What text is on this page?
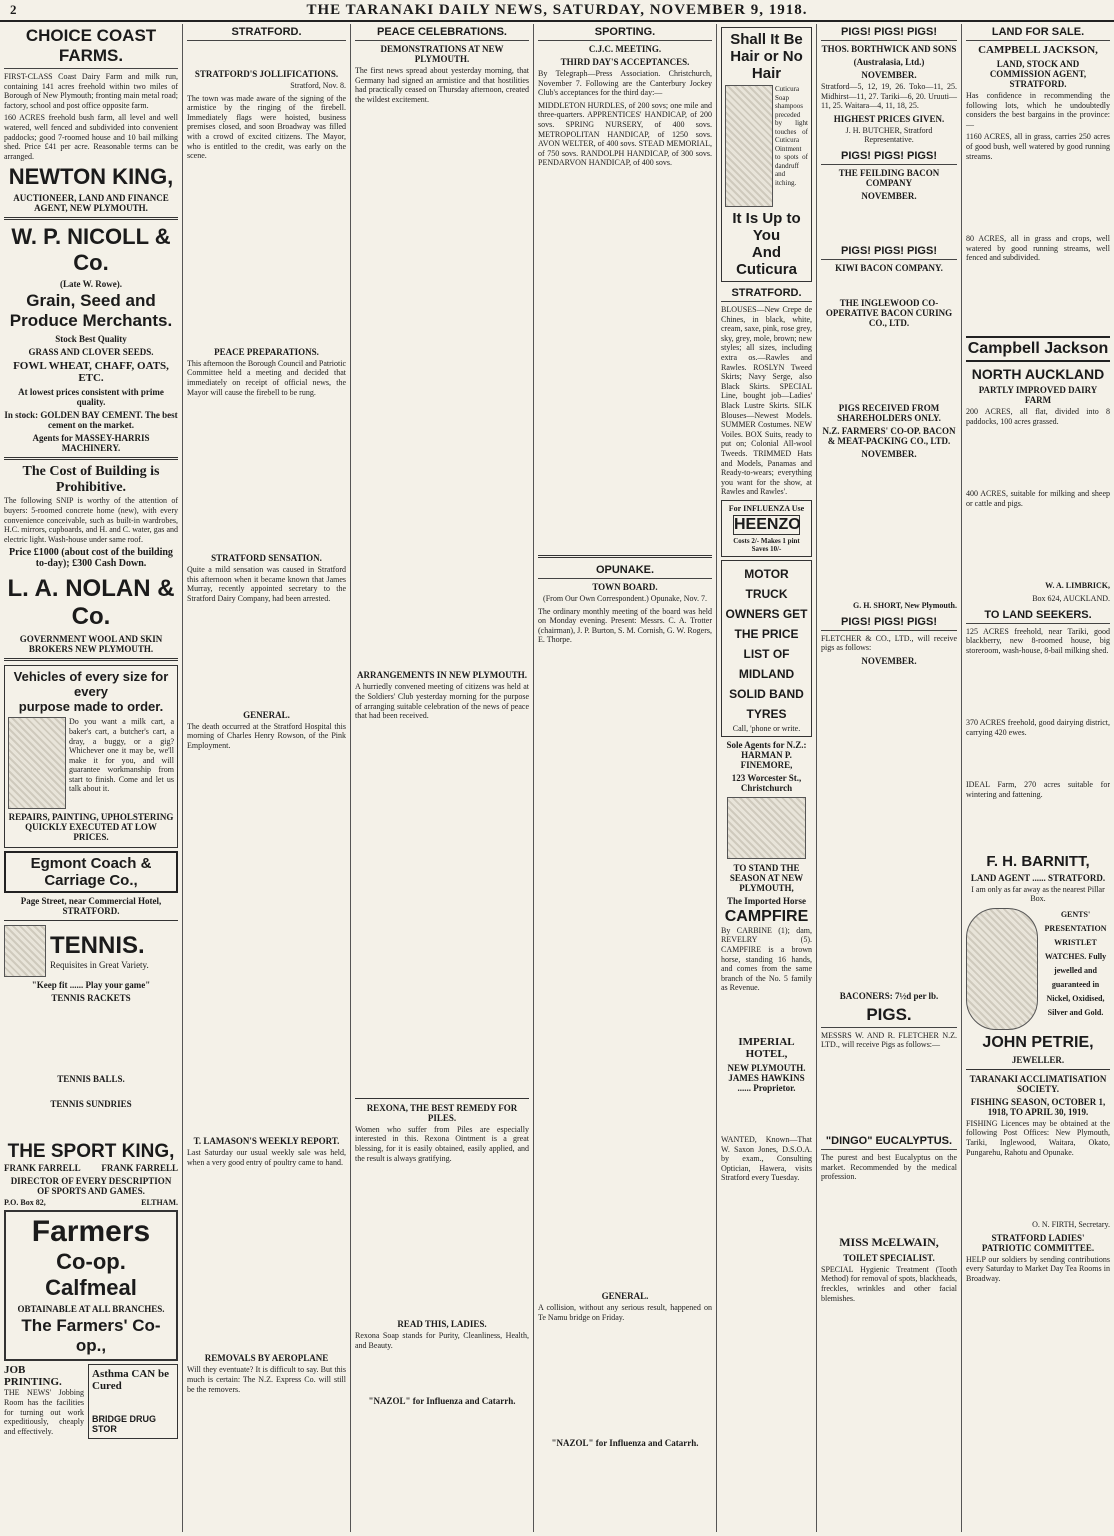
2	THE TARANAKI DAILY NEWS, SATURDAY, NOVEMBER 9, 1918.
CHOICE COAST FARMS.

FIRST-CLASS Coast Dairy Farm and milk run, containing 141 acres freehold within two miles of Borough of New Plymouth; fronting main metal road; factory, school and post office opposite farm.

160 ACRES freehold bush farm, all level and well watered, well fenced and subdivided into convenient paddocks; good 7-roomed house and 10 bail milking shed. Price £41 per acre. Reasonable terms can be arranged.

NEWTON KING,
AUCTIONEER, LAND AND FINANCE AGENT, NEW PLYMOUTH.
W. P. NICOLL & Co.
(Late W. Rowe).
Grain, Seed and Produce Merchants.
Stock Best Quality
GRASS AND CLOVER SEEDS.
FOWL WHEAT, CHAFF, OATS, ETC.
At lowest prices consistent with prime quality.
In stock: GOLDEN BAY CEMENT. The best cement on the market.
Agents for MASSEY-HARRIS MACHINERY.
The Cost of Building is Prohibitive.

The following SNIP is worthy of the attention of buyers: 5-roomed concrete home (new), with every convenience conceivable, such as built-in wardrobes, H.C. mirrors, cupboards, and H. and C. water, gas and electric light. Wash-house under same roof.

Price £1000 (about cost of the building to-day); £300 Cash Down.
L. A. NOLAN & Co.
GOVERNMENT WOOL AND SKIN BROKERS NEW PLYMOUTH.
Vehicles of every size for every
purpose made to order.

Do you want a milk cart, a baker's cart, a butcher's cart, a dray, a buggy, or a gig? Whichever one it may be, we'll make it for you, and will guarantee workmanship from start to finish. Come and let us talk about it.

REPAIRS, PAINTING, UPHOLSTERING QUICKLY EXECUTED AT LOW PRICES.
Egmont Coach & Carriage Co.,
Page Street, near Commercial Hotel, STRATFORD.
TENNIS.
Requisites in Great Variety.
"Keep fit ...... Play your game"
TENNIS RACKETS
TENNIS BALLS.
TENNIS SUNDRIES
THE SPORT KING,
FRANK FARRELL FRANK FARRELL
DIRECTOR OF EVERY DESCRIPTION OF SPORTS AND GAMES.
P.O. Box 82,	ELTHAM.
Farmers
Co-op. Calfmeal
OBTAINABLE AT ALL BRANCHES.
The Farmers' Co-op.,
JOB PRINTING.

THE NEWS' Jobbing Room has the facilities for turning out work expeditiously, cheaply and effectively.

Asthma CAN be Cured
BRIDGE DRUG STOR
STRATFORD.
STRATFORD'S JOLLIFICATIONS.
Stratford, Nov. 8.

The town was made aware of the signing of the armistice by the ringing of the firebell. Immediately flags were hoisted, business premises closed, and soon Broadway was filled with a crowd of excited citizens. The Mayor, who is entitled to the credit, was early on the scene.

PEACE PREPARATIONS.

This afternoon the Borough Council and Patriotic Committee held a meeting and decided that immediately on receipt of official news, the Mayor will cause the firebell to be rung.

STRATFORD SENSATION.

Quite a mild sensation was caused in Stratford this afternoon when it became known that James Murray, recently appointed secretary to the Stratford Dairy Company, had been arrested.

GENERAL.

The death occurred at the Stratford Hospital this morning of Charles Henry Rowson, of the Pink Employment.

T. LAMASON'S WEEKLY REPORT.

Last Saturday our usual weekly sale was held, when a very good entry of poultry came to hand.

REMOVALS BY AEROPLANE

Will they eventuate? It is difficult to say. But this much is certain: The N.Z. Express Co. will still be the removers.

PEACE CELEBRATIONS.
DEMONSTRATIONS AT NEW PLYMOUTH.

The first news spread about yesterday morning, that Germany had signed an armistice and that hostilities had practically ceased on Thursday afternoon, created the wildest excitement.

ARRANGEMENTS IN NEW PLYMOUTH.

A hurriedly convened meeting of citizens was held at the Soldiers' Club yesterday morning for the purpose of arranging suitable celebration of the news of peace that had been received.

REXONA, THE BEST REMEDY FOR PILES.

Women who suffer from Piles are especially interested in this. Rexona Ointment is a great blessing, for it is easily obtained, easily applied, and the result is always gratifying.

READ THIS, LADIES.

Rexona Soap stands for Purity, Cleanliness, Health, and Beauty.

"NAZOL" for Influenza and Catarrh.
SPORTING.
C.J.C. MEETING.
THIRD DAY'S ACCEPTANCES.

By Telegraph—Press Association. Christchurch, November 7. Following are the Canterbury Jockey Club's acceptances for the third day:—

MIDDLETON HURDLES, of 200 sovs; one mile and three-quarters. APPRENTICES' HANDICAP, of 200 sovs. SPRING NURSERY, of 400 sovs. METROPOLITAN HANDICAP, of 1250 sovs. AVON WELTER, of 400 sovs. STEAD MEMORIAL, of 750 sovs. RANDOLPH HANDICAP, of 300 sovs. PENDARVON HANDICAP, of 400 sovs.

OPUNAKE.
TOWN BOARD.
(From Our Own Correspondent.) Opunake, Nov. 7.

The ordinary monthly meeting of the board was held on Monday evening. Present: Messrs. C. A. Trotter (chairman), J. P. Burton, S. M. Cornish, G. W. Rogers, E. Thorpe.

GENERAL.

A collision, without any serious result, happened on Te Namu bridge on Friday.

"NAZOL" for Influenza and Catarrh.
Shall It Be
Hair or No Hair

Cuticura Soap shampoos preceded by light touches of Cuticura Ointment to spots of dandruff and itching.

It Is Up to You
And Cuticura
STRATFORD.

BLOUSES—New Crepe de Chines, in black, white, cream, saxe, pink, rose grey, sky, grey, mole, brown; new styles; all sizes, including extra os.—Rawles and Rawles. ROSLYN Tweed Skirts; Navy Serge, also Black Skirts. SPECIAL Line, bought job—Ladies' Black Lustre Skirts. SILK Blouses—Newest Models. SUMMER Costumes. NEW Voiles. BOX Suits, ready to put on; Colonial All-wool Tweeds. TRIMMED Hats and Models, Panamas and Ready-to-wears; everything you want for the show, at Rawles and Rawles'.

For INFLUENZA Use
HEENZO
Costs 2/- Makes 1 pint Saves 10/-
MOTOR TRUCK OWNERS GET THE PRICE LIST OF MIDLAND SOLID BAND TYRES
Call, 'phone or write.
Sole Agents for N.Z.: HARMAN P. FINEMORE,
123 Worcester St., Christchurch
TO STAND THE SEASON AT NEW PLYMOUTH,
The Imported Horse
CAMPFIRE

By CARBINE (1); dam, REVELRY (5). CAMPFIRE is a brown horse, standing 16 hands, and comes from the same branch of the No. 5 family as Revenue.

IMPERIAL HOTEL,
NEW PLYMOUTH. JAMES HAWKINS ...... Proprietor.

WANTED, Known—That W. Saxon Jones, D.S.O.A. by exam., Consulting Optician, Hawera, visits Stratford every Tuesday.

PIGS! PIGS! PIGS!
THOS. BORTHWICK AND SONS
(Australasia, Ltd.)
NOVEMBER.

Stratford—5, 12, 19, 26. Toko—11, 25. Midhirst—11, 27. Tariki—6, 20. Uruuti—11, 25. Waitara—4, 11, 18, 25.

HIGHEST PRICES GIVEN.
J. H. BUTCHER, Stratford Representative.
PIGS! PIGS! PIGS!
THE FEILDING BACON COMPANY
NOVEMBER.
PIGS! PIGS! PIGS!
KIWI BACON COMPANY.
THE INGLEWOOD CO-OPERATIVE BACON CURING CO., LTD.
PIGS RECEIVED FROM SHAREHOLDERS ONLY.
N.Z. FARMERS' CO-OP. BACON & MEAT-PACKING CO., LTD.
NOVEMBER.
G. H. SHORT, New Plymouth.
PIGS! PIGS! PIGS!

FLETCHER & CO., LTD., will receive pigs as follows:

NOVEMBER.
BACONERS: 7½d per lb.
PIGS.

MESSRS W. AND R. FLETCHER N.Z. LTD., will receive Pigs as follows:—

"DINGO" EUCALYPTUS.

The purest and best Eucalyptus on the market. Recommended by the medical profession.

MISS McELWAIN,
TOILET SPECIALIST.

SPECIAL Hygienic Treatment (Tooth Method) for removal of spots, blackheads, freckles, wrinkles and other facial blemishes.

LAND FOR SALE.
CAMPBELL JACKSON,
LAND, STOCK AND COMMISSION AGENT, STRATFORD.

Has confidence in recommending the following lots, which he undoubtedly considers the best bargains in the province:—

1160 ACRES, all in grass, carries 250 acres of good bush, well watered by good running streams.

80 ACRES, all in grass and crops, well watered by good running streams, well fenced and subdivided.

Campbell Jackson
NORTH AUCKLAND
PARTLY IMPROVED DAIRY FARM

200 ACRES, all flat, divided into 8 paddocks, 100 acres grassed.

400 ACRES, suitable for milking and sheep or cattle and pigs.

W. A. LIMBRICK,
Box 624, AUCKLAND.
TO LAND SEEKERS.

125 ACRES freehold, near Tariki, good blackberry, new 8-roomed house, big storeroom, wash-house, 8-bail milking shed.

370 ACRES freehold, good dairying district, carrying 420 ewes.

IDEAL Farm, 270 acres suitable for wintering and fattening.

F. H. BARNITT,
LAND AGENT ...... STRATFORD.
I am only as far away as the nearest Pillar Box.
GENTS' PRESENTATION WRISTLET WATCHES. Fully jewelled and guaranteed in Nickel, Oxidised, Silver and Gold.
JOHN PETRIE,
JEWELLER.
TARANAKI ACCLIMATISATION SOCIETY.
FISHING SEASON, OCTOBER 1, 1918, TO APRIL 30, 1919.

FISHING Licences may be obtained at the following Post Offices: New Plymouth, Tariki, Inglewood, Waitara, Okato, Pungarehu, Rahotu and Opunake.

O. N. FIRTH, Secretary.
STRATFORD LADIES' PATRIOTIC COMMITTEE.

HELP our soldiers by sending contributions every Saturday to Market Day Tea Rooms in Broadway.
